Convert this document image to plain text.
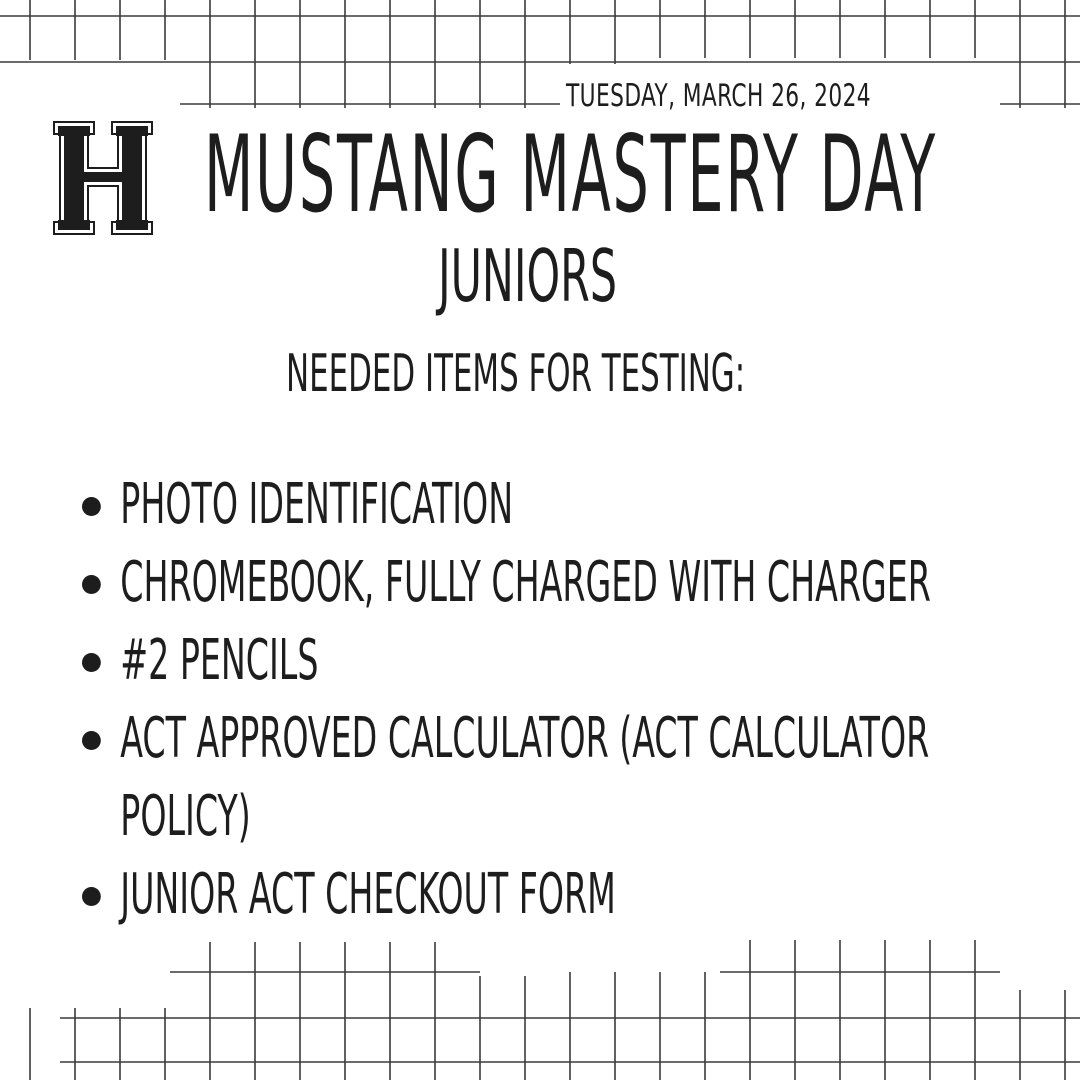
TUESDAY, MARCH 26, 2024
MUSTANG MASTERY DAY
JUNIORS
NEEDED ITEMS FOR TESTING:
PHOTO IDENTIFICATION
CHROMEBOOK, FULLY CHARGED WITH CHARGER
#2 PENCILS
ACT APPROVED CALCULATOR (ACT CALCULATOR
POLICY)
JUNIOR ACT CHECKOUT FORM
